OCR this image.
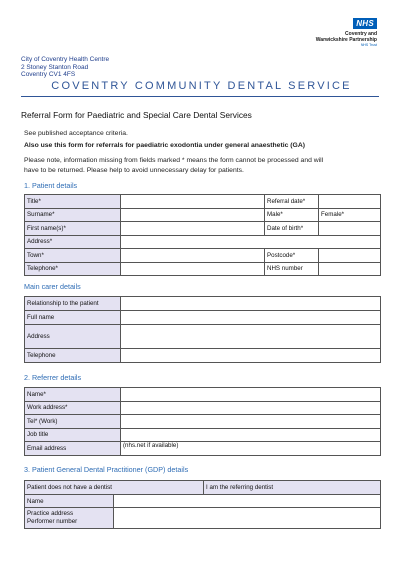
NHS
Coventry and
Warwickshire Partnership
NHS Trust
City of Coventry Health Centre
2 Stoney Stanton Road
Coventry CV1 4FS
COVENTRY COMMUNITY DENTAL SERVICE
Referral Form for Paediatric and Special Care Dental Services
See published acceptance criteria.
Also use this form for referrals for paediatric exodontia under general anaesthetic (GA)
Please note, information missing from fields marked * means the form cannot be processed and will
have to be returned. Please help to avoid unnecessary delay for patients.
1. Patient details
Title*		Referral date*	
Surname*		Male*	Female*
First name(s)*		Date of birth*	
Address*			
Town*		Postcode*	
Telephone*		NHS number	
Main carer details
Relationship to the patient	
Full name	
Address	
Telephone	
2. Referrer details
Name*	
Work address*	
Tel* (Work)	
Job title	
Email address	(nhs.net if available)
3. Patient General Dental Practitioner (GDP) details
Patient does not have a dentist		I am the referring dentist
Name		

Practice address
Performer number		
